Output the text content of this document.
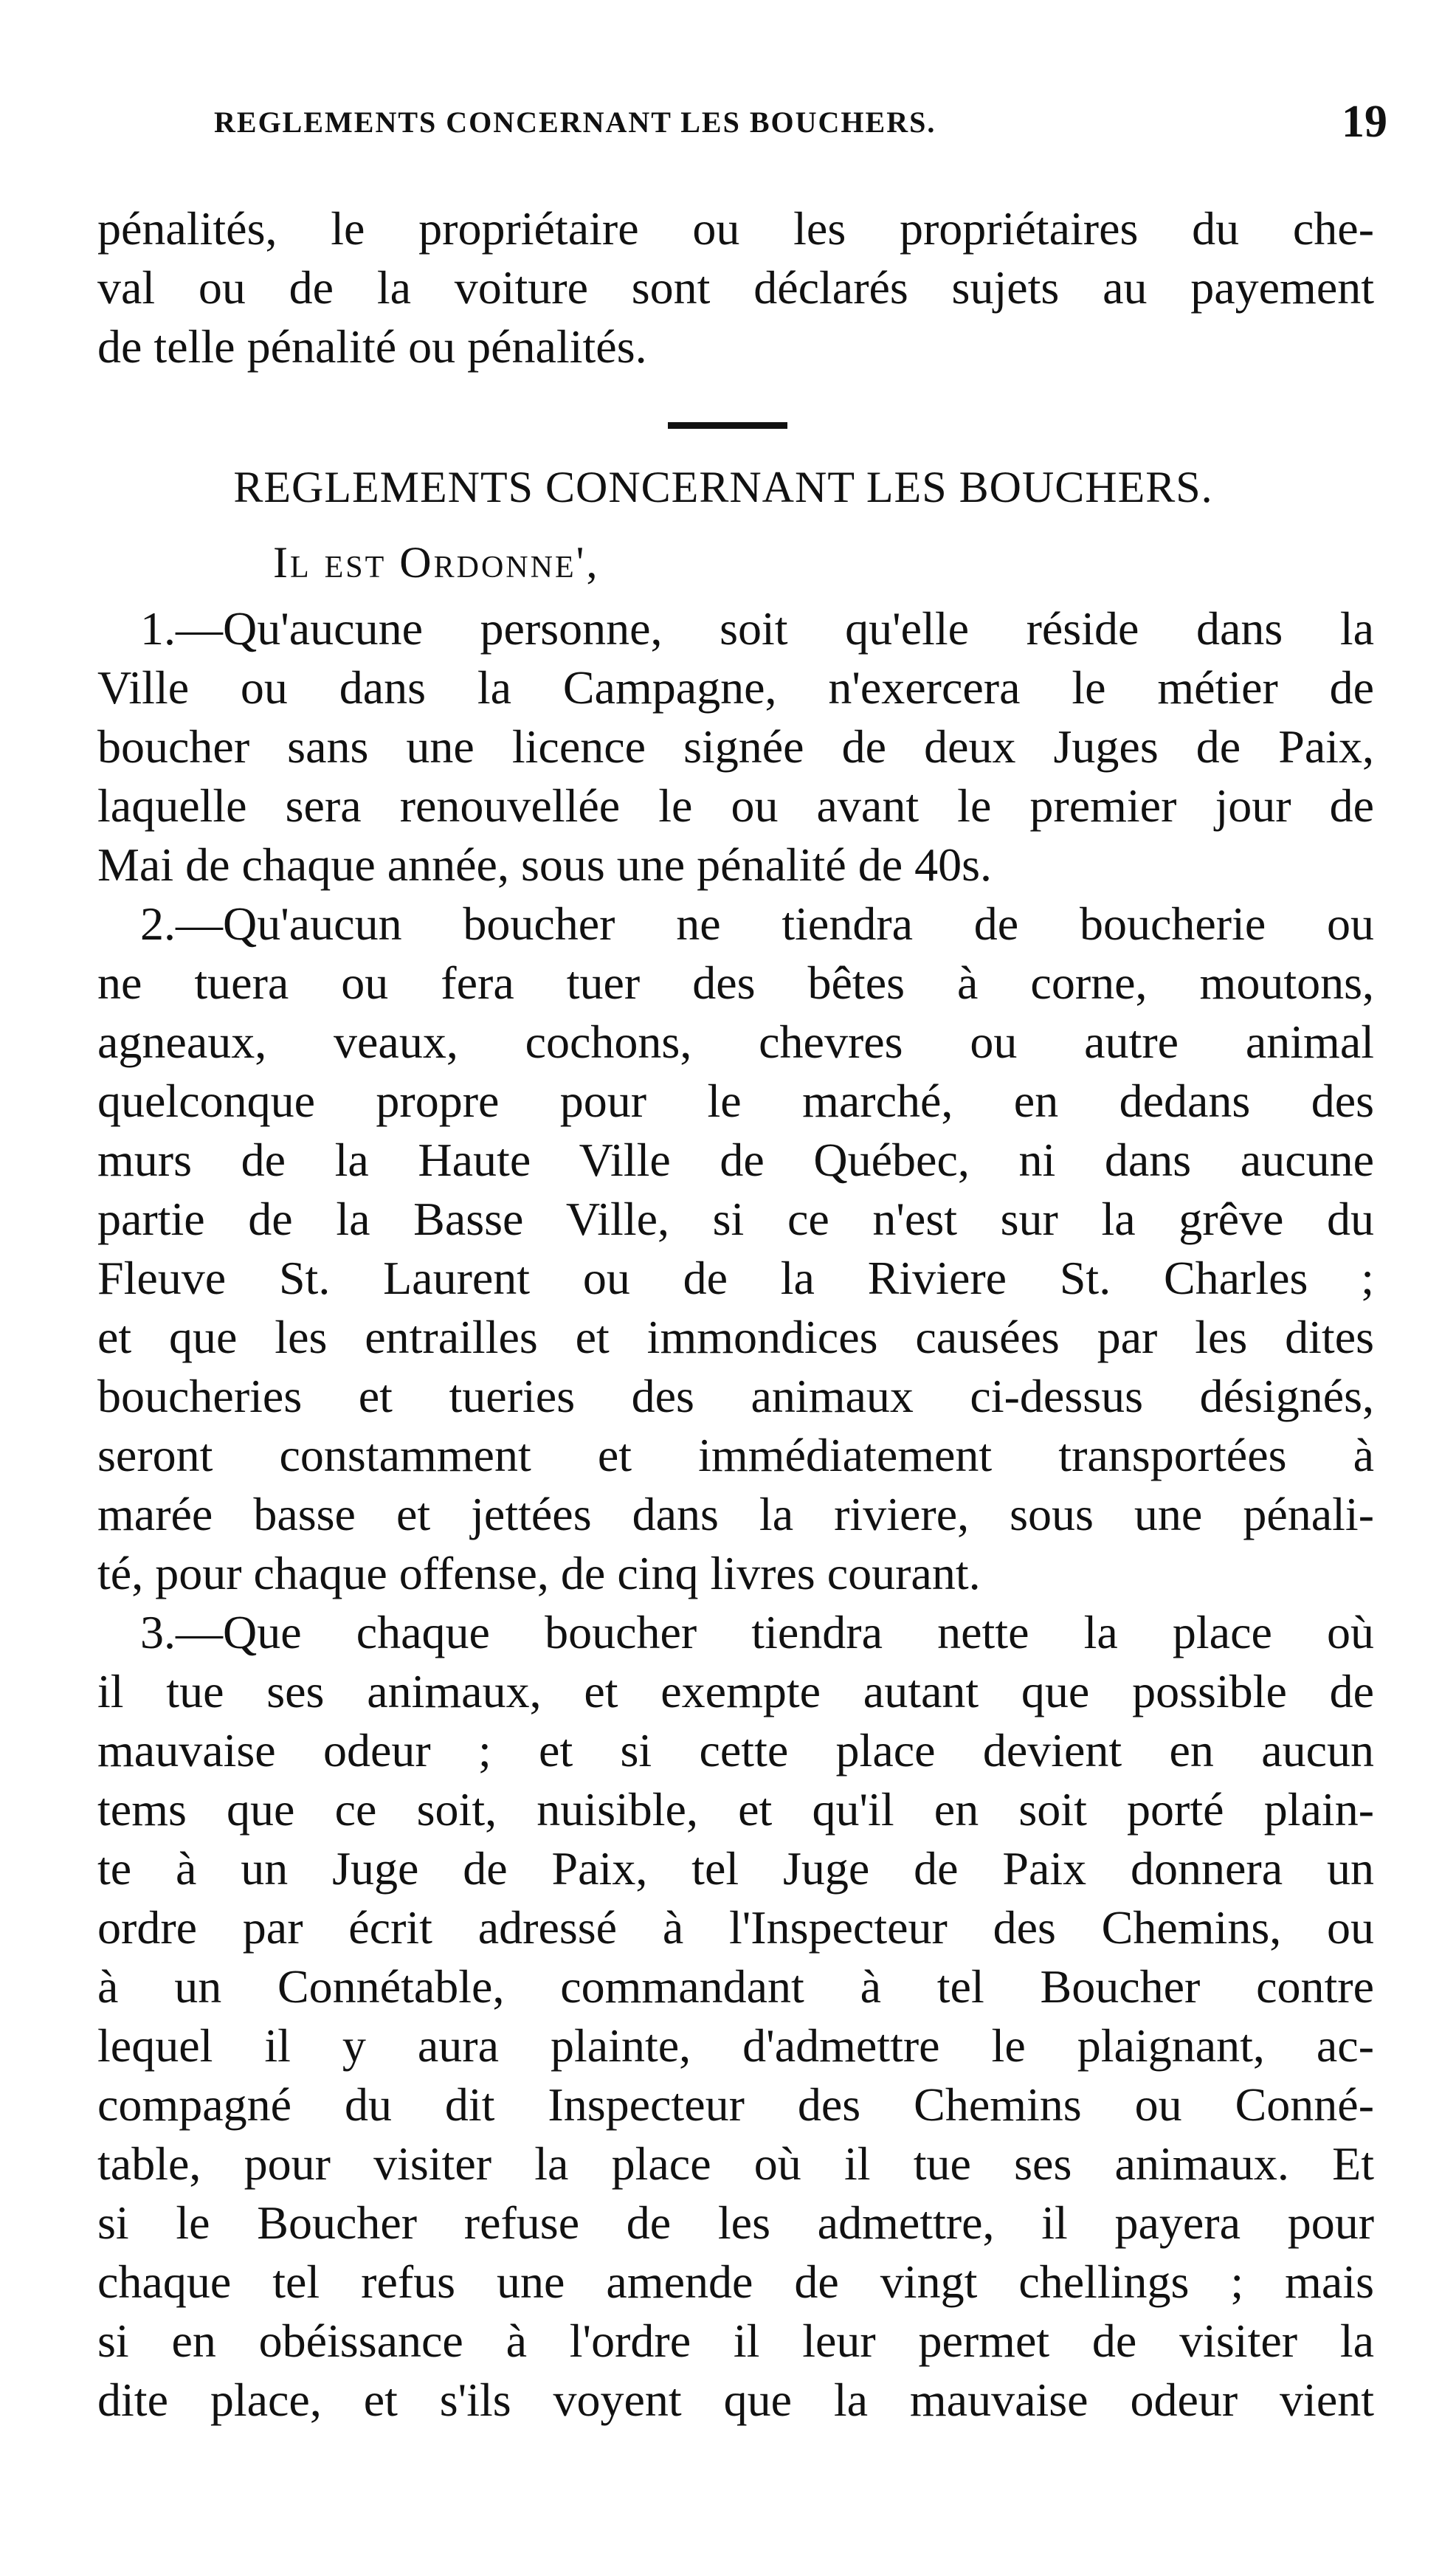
REGLEMENTS CONCERNANT LES BOUCHERS.	19
pénalités, le propriétaire ou les propriétaires du che-
val ou de la voiture sont déclarés sujets au payement
de telle pénalité ou pénalités.
REGLEMENTS CONCERNANT LES BOUCHERS.
Il est Ordonne',
1.—Qu'aucune personne, soit qu'elle réside dans la
Ville ou dans la Campagne, n'exercera le métier de
boucher sans une licence signée de deux Juges de Paix,
laquelle sera renouvellée le ou avant le premier jour de
Mai de chaque année, sous une pénalité de 40s.
2.—Qu'aucun boucher ne tiendra de boucherie ou
ne tuera ou fera tuer des bêtes à corne, moutons,
agneaux, veaux, cochons, chevres ou autre animal
quelconque propre pour le marché, en dedans des
murs de la Haute Ville de Québec, ni dans aucune
partie de la Basse Ville, si ce n'est sur la grêve du
Fleuve St. Laurent ou de la Riviere St. Charles ;
et que les entrailles et immondices causées par les dites
boucheries et tueries des animaux ci-dessus désignés,
seront constamment et immédiatement transportées à
marée basse et jettées dans la riviere, sous une pénali-
té, pour chaque offense, de cinq livres courant.
3.—Que chaque boucher tiendra nette la place où
il tue ses animaux, et exempte autant que possible de
mauvaise odeur ; et si cette place devient en aucun
tems que ce soit, nuisible, et qu'il en soit porté plain-
te à un Juge de Paix, tel Juge de Paix donnera un
ordre par écrit adressé à l'Inspecteur des Chemins, ou
à un Connétable, commandant à tel Boucher contre
lequel il y aura plainte, d'admettre le plaignant, ac-
compagné du dit Inspecteur des Chemins ou Conné-
table, pour visiter la place où il tue ses animaux. Et
si le Boucher refuse de les admettre, il payera pour
chaque tel refus une amende de vingt chellings ; mais
si en obéissance à l'ordre il leur permet de visiter la
dite place, et s'ils voyent que la mauvaise odeur vient
